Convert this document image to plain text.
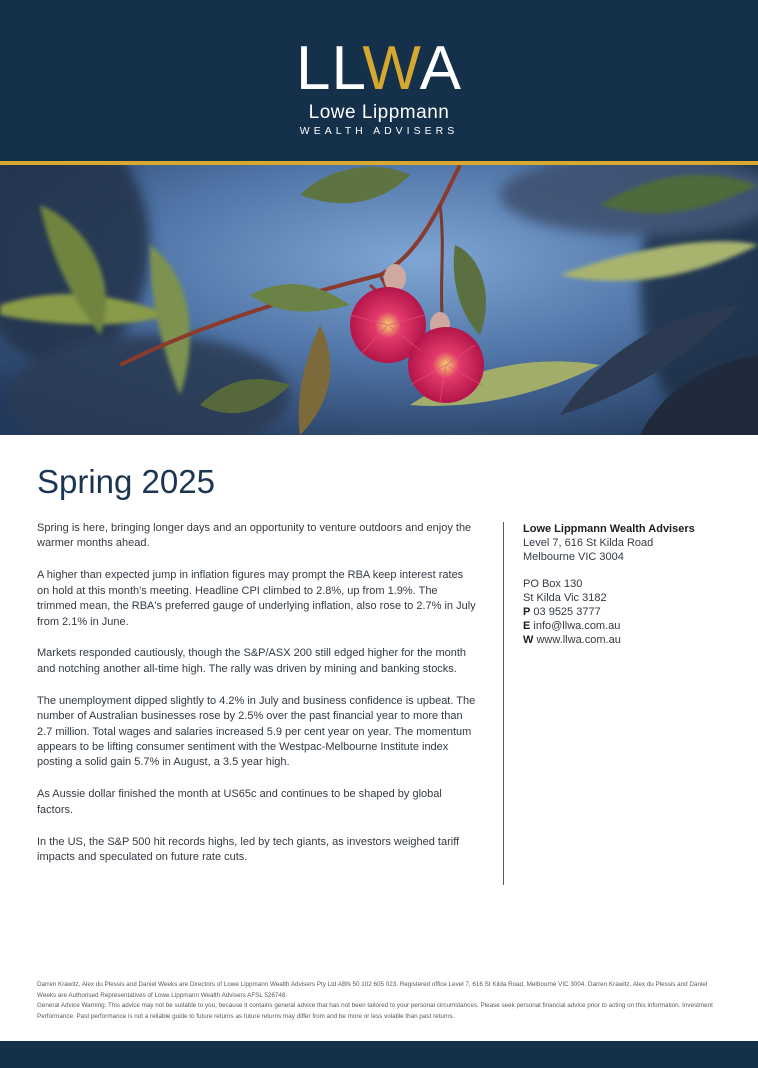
LLWA
Lowe Lippmann
WEALTH ADVISERS
Spring 2025

Spring is here, bringing longer days and an opportunity to venture outdoors and enjoy the warmer months ahead.

A higher than expected jump in inflation figures may prompt the RBA keep interest rates on hold at this month's meeting. Headline CPI climbed to 2.8%, up from 1.9%. The trimmed mean, the RBA's preferred gauge of underlying inflation, also rose to 2.7% in July from 2.1% in June.

Markets responded cautiously, though the S&P/ASX 200 still edged higher for the month and notching another all-time high. The rally was driven by mining and banking stocks.

The unemployment dipped slightly to 4.2% in July and business confidence is upbeat. The number of Australian businesses rose by 2.5% over the past financial year to more than 2.7 million. Total wages and salaries increased 5.9 per cent year on year. The momentum appears to be lifting consumer sentiment with the Westpac-Melbourne Institute index posting a solid gain 5.7% in August, a 3.5 year high.

As Aussie dollar finished the month at US65c and continues to be shaped by global factors.

In the US, the S&P 500 hit records highs, led by tech giants, as investors weighed tariff impacts and speculated on future rate cuts.

Lowe Lippmann Wealth Advisers
Level 7, 616 St Kilda Road
Melbourne VIC 3004
PO Box 130
St Kilda Vic 3182
P 03 9525 3777
E info@llwa.com.au
W www.llwa.com.au
Darren Krawitz, Alex du Plessis and Daniel Weeks are Directors of Lowe Lippmann Wealth Advisers Pty Ltd ABN 50 102 605 023. Registered office Level 7, 616 St Kilda Road, Melbourne VIC 3004. Darren Krawitz, Alex du Plessis and Daniel Weeks are Authorised Representatives of Lowe Lippmann Wealth Advisers AFSL 526748.
General Advice Warning: This advice may not be suitable to you, because it contains general advice that has not been tailored to your personal circumstances. Please seek personal financial advice prior to acting on this information. Investment Performance: Past performance is not a reliable guide to future returns as future returns may differ from and be more or less volatile than past returns.
